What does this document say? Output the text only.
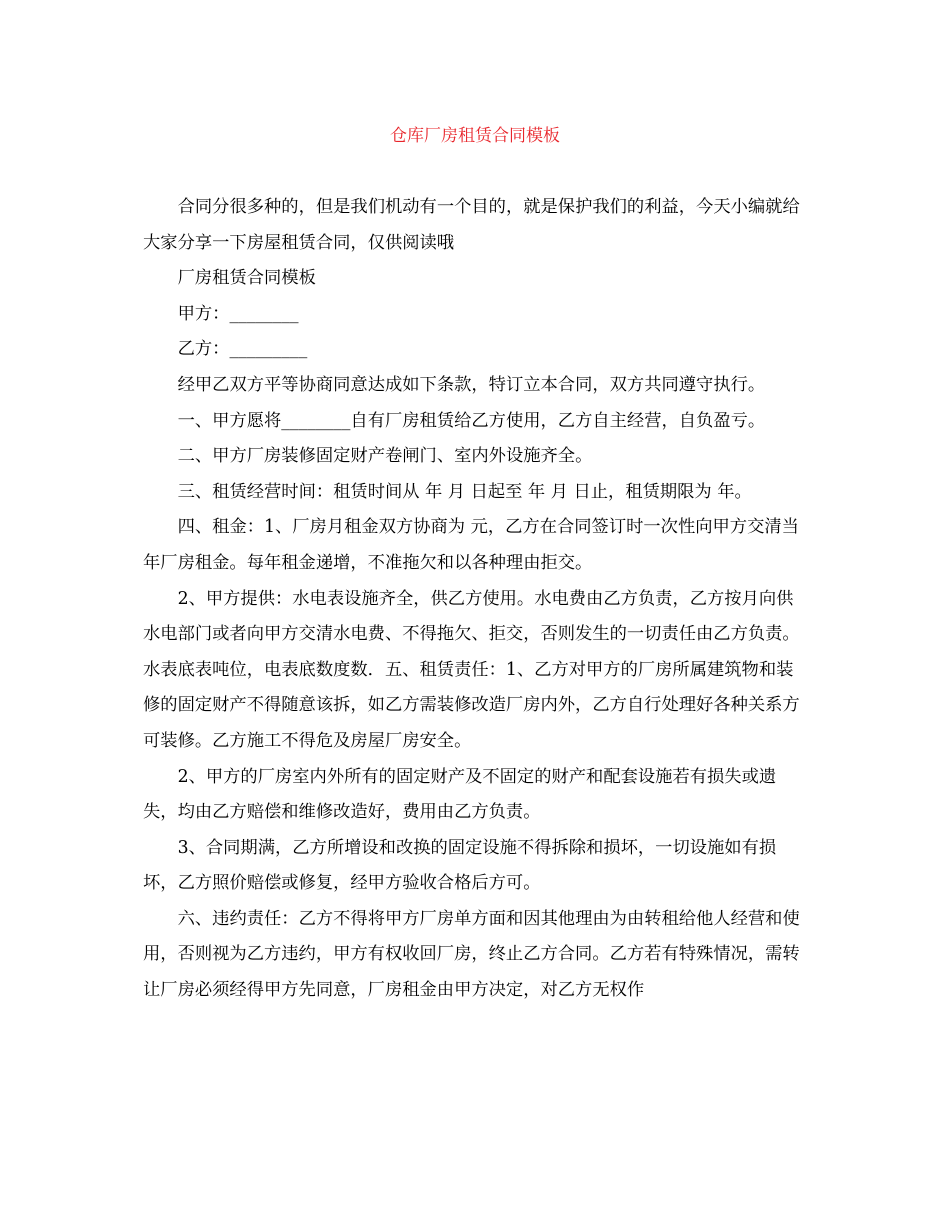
仓库厂房租赁合同模板

合同分很多种的，但是我们机动有一个目的，就是保护我们的利益，今天小编就给大家分享一下房屋租赁合同，仅供阅读哦

厂房租赁合同模板

甲方：________

乙方：_________

经甲乙双方平等协商同意达成如下条款，特订立本合同，双方共同遵守执行。

一、甲方愿将________自有厂房租赁给乙方使用，乙方自主经营，自负盈亏。

二、甲方厂房装修固定财产卷闸门、室内外设施齐全。

三、租赁经营时间：租赁时间从 年 月 日起至 年 月 日止，租赁期限为 年。

四、租金：1、厂房月租金双方协商为 元，乙方在合同签订时一次性向甲方交清当年厂房租金。每年租金递增，不准拖欠和以各种理由拒交。

2、甲方提供：水电表设施齐全，供乙方使用。水电费由乙方负责，乙方按月向供水电部门或者向甲方交清水电费、不得拖欠、拒交，否则发生的一切责任由乙方负责。水表底表吨位，电表底数度数．五、租赁责任：1、乙方对甲方的厂房所属建筑物和装修的固定财产不得随意该拆，如乙方需装修改造厂房内外，乙方自行处理好各种关系方可装修。乙方施工不得危及房屋厂房安全。

2、甲方的厂房室内外所有的固定财产及不固定的财产和配套设施若有损失或遗失，均由乙方赔偿和维修改造好，费用由乙方负责。

3、合同期满，乙方所增设和改换的固定设施不得拆除和损坏，一切设施如有损坏，乙方照价赔偿或修复，经甲方验收合格后方可。

六、违约责任：乙方不得将甲方厂房单方面和因其他理由为由转租给他人经营和使用，否则视为乙方违约，甲方有权收回厂房，终止乙方合同。乙方若有特殊情况，需转让厂房必须经得甲方先同意，厂房租金由甲方决定，对乙方无权作
